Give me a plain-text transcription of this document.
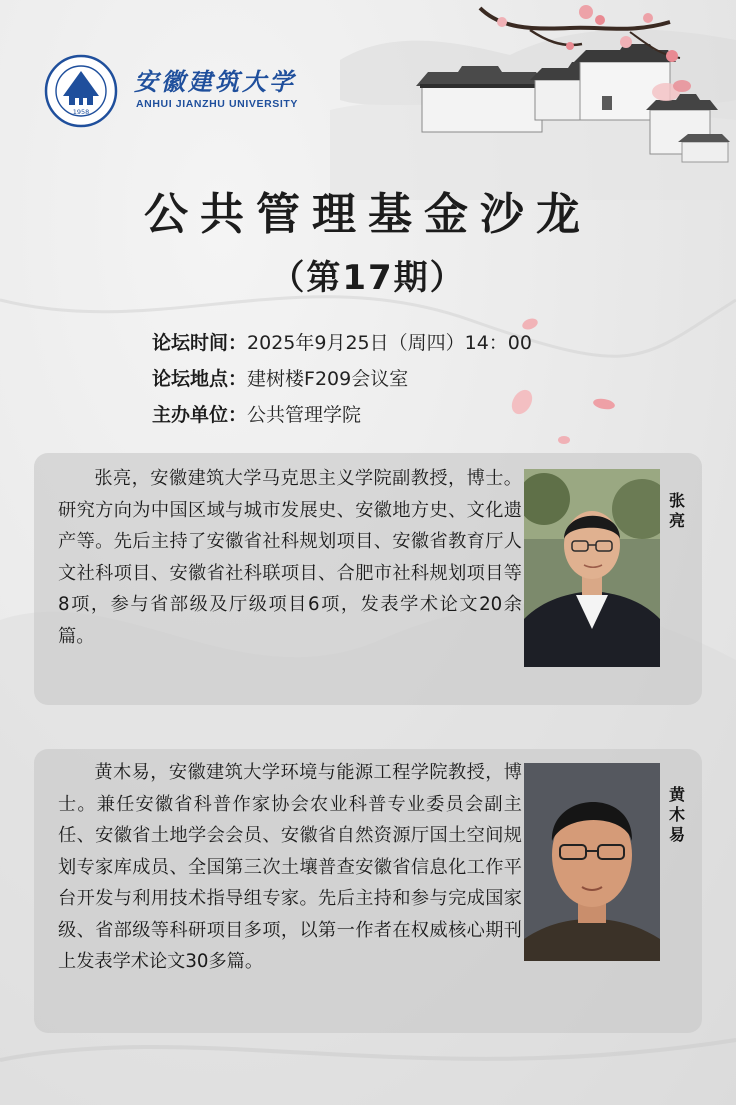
1958
安徽建筑大学
ANHUI JIANZHU UNIVERSITY
公共管理基金沙龙
（第17期）
论坛时间：2025年9月25日（周四）14：00
论坛地点：建树楼F209会议室
主办单位：公共管理学院
张亮，安徽建筑大学马克思主义学院副教授，博士。研究方向为中国区域与城市发展史、安徽地方史、文化遗产等。先后主持了安徽省社科规划项目、安徽省教育厅人文社科项目、安徽省社科联项目、合肥市社科规划项目等8项，参与省部级及厅级项目6项，发表学术论文20余篇。
张 亮
黄木易，安徽建筑大学环境与能源工程学院教授，博士。兼任安徽省科普作家协会农业科普专业委员会副主任、安徽省土地学会会员、安徽省自然资源厅国土空间规划专家库成员、全国第三次土壤普查安徽省信息化工作平台开发与利用技术指导组专家。先后主持和参与完成国家级、省部级等科研项目多项，以第一作者在权威核心期刊上发表学术论文30多篇。
黄木易
